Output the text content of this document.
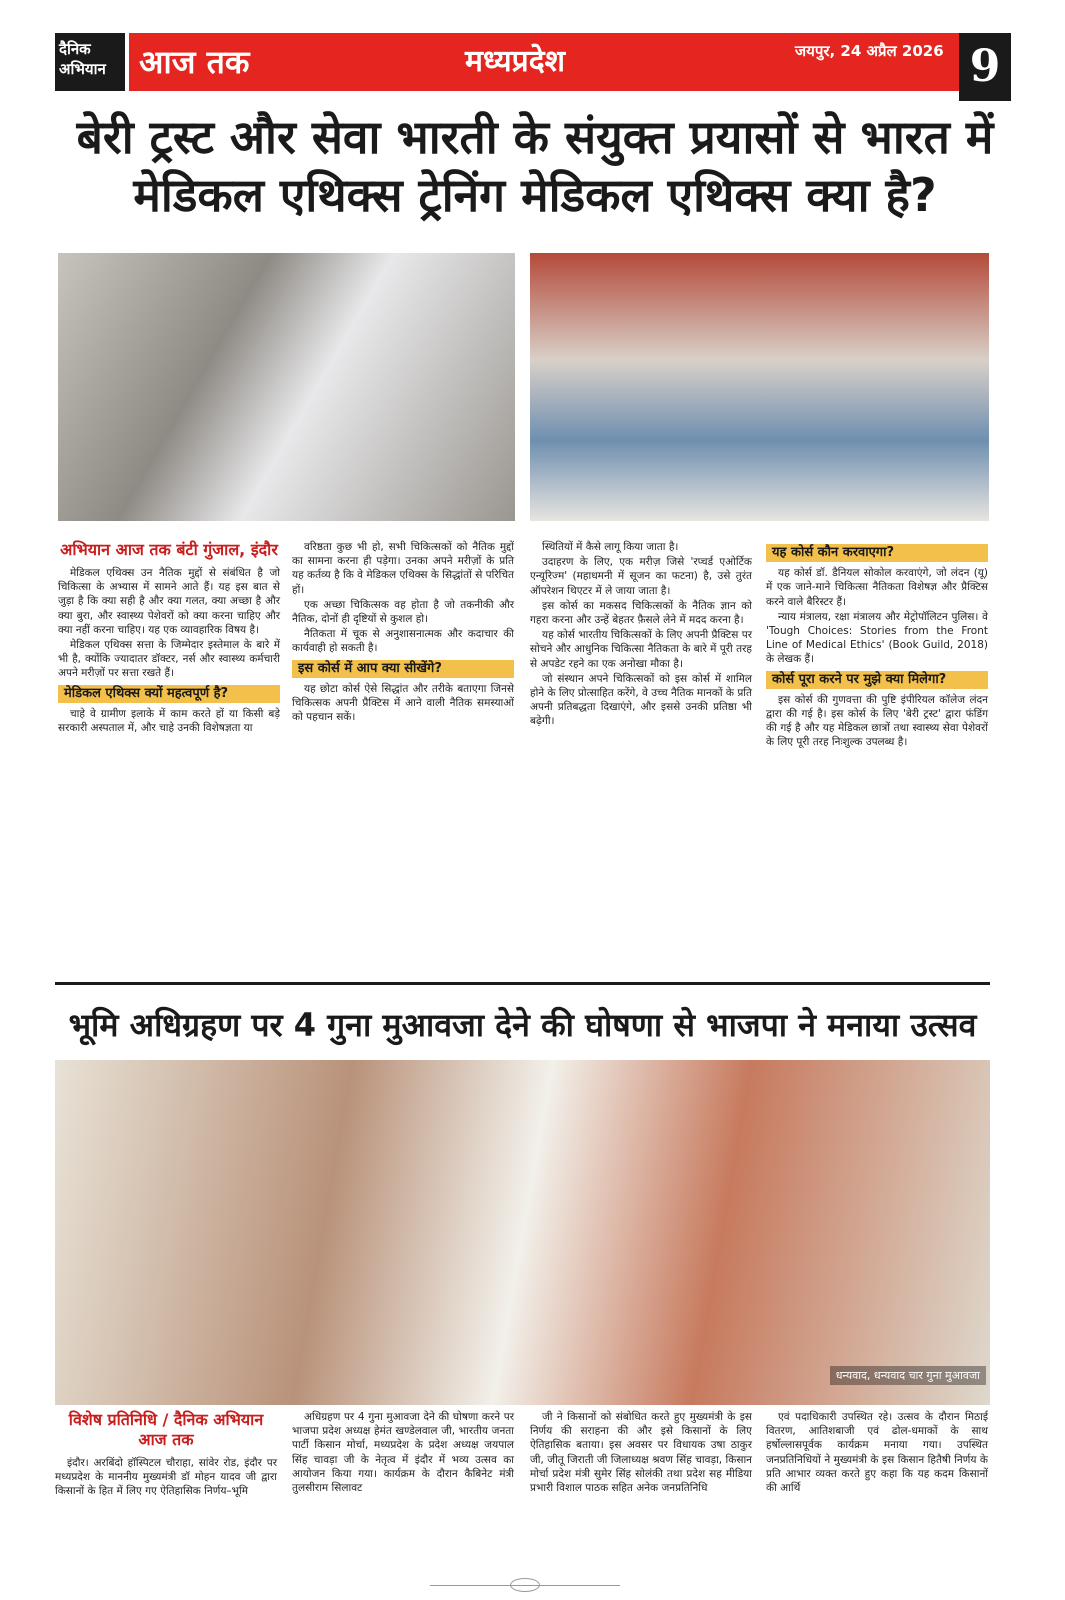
दैनिक
अभियान	आज तक	मध्यप्रदेश	जयपुर, 24 अप्रैल 2026 9
बेरी ट्रस्ट और सेवा भारती के संयुक्त प्रयासों से भारत में मेडिकल एथिक्स ट्रेनिंग मेडिकल एथिक्स क्या है?
अभियान आज तक बंटी गुंजाल, इंदौर

मेडिकल एथिक्स उन नैतिक मुद्दों से संबंधित है जो चिकित्सा के अभ्यास में सामने आते हैं। यह इस बात से जुड़ा है कि क्या सही है और क्या गलत, क्या अच्छा है और क्या बुरा, और स्वास्थ्य पेशेवरों को क्या करना चाहिए और क्या नहीं करना चाहिए। यह एक व्यावहारिक विषय है।

मेडिकल एथिक्स सत्ता के जिम्मेदार इस्तेमाल के बारे में भी है, क्योंकि ज्यादातर डॉक्टर, नर्स और स्वास्थ्य कर्मचारी अपने मरीज़ों पर सत्ता रखते हैं।

मेडिकल एथिक्स क्यों महत्वपूर्ण है?

चाहे वे ग्रामीण इलाके में काम करते हों या किसी बड़े सरकारी अस्पताल में, और चाहे उनकी विशेषज्ञता या

वरिष्ठता कुछ भी हो, सभी चिकित्सकों को नैतिक मुद्दों का सामना करना ही पड़ेगा। उनका अपने मरीज़ों के प्रति यह कर्तव्य है कि वे मेडिकल एथिक्स के सिद्धांतों से परिचित हों।

एक अच्छा चिकित्सक वह होता है जो तकनीकी और नैतिक, दोनों ही दृष्टियों से कुशल हो।

नैतिकता में चूक से अनुशासनात्मक और कदाचार की कार्यवाही हो सकती है।

इस कोर्स में आप क्या सीखेंगे?

यह छोटा कोर्स ऐसे सिद्धांत और तरीके बताएगा जिनसे चिकित्सक अपनी प्रैक्टिस में आने वाली नैतिक समस्याओं को पहचान सकें।

स्थितियों में कैसे लागू किया जाता है।

उदाहरण के लिए, एक मरीज़ जिसे 'रप्चर्ड एओर्टिक एन्यूरिज्म' (महाधमनी में सूजन का फटना) है, उसे तुरंत ऑपरेशन थिएटर में ले जाया जाता है।

इस कोर्स का मकसद चिकित्सकों के नैतिक ज्ञान को गहरा करना और उन्हें बेहतर फ़ैसले लेने में मदद करना है।

यह कोर्स भारतीय चिकित्सकों के लिए अपनी प्रैक्टिस पर सोचने और आधुनिक चिकित्सा नैतिकता के बारे में पूरी तरह से अपडेट रहने का एक अनोखा मौका है।

जो संस्थान अपने चिकित्सकों को इस कोर्स में शामिल होने के लिए प्रोत्साहित करेंगे, वे उच्च नैतिक मानकों के प्रति अपनी प्रतिबद्धता दिखाएंगे, और इससे उनकी प्रतिष्ठा भी बढ़ेगी।

यह कोर्स कौन करवाएगा?

यह कोर्स डॉ. डैनियल सोकोल करवाएंगे, जो लंदन (यू) में एक जाने-माने चिकित्सा नैतिकता विशेषज्ञ और प्रैक्टिस करने वाले बैरिस्टर हैं।

न्याय मंत्रालय, रक्षा मंत्रालय और मेट्रोपॉलिटन पुलिस। वे 'Tough Choices: Stories from the Front Line of Medical Ethics' (Book Guild, 2018) के लेखक हैं।

कोर्स पूरा करने पर मुझे क्या मिलेगा?

इस कोर्स की गुणवत्ता की पुष्टि इंपीरियल कॉलेज लंदन द्वारा की गई है। इस कोर्स के लिए 'बेरी ट्रस्ट' द्वारा फंडिंग की गई है और यह मेडिकल छात्रों तथा स्वास्थ्य सेवा पेशेवरों के लिए पूरी तरह निःशुल्क उपलब्ध है।

भूमि अधिग्रहण पर 4 गुना मुआवजा देने की घोषणा से भाजपा ने मनाया उत्सव
धन्यवाद, धन्यवाद चार गुना मुआवजा
विशेष प्रतिनिधि / दैनिक अभियान आज तक

इंदौर। अरबिंदो हॉस्पिटल चौराहा, सांवेर रोड, इंदौर पर मध्यप्रदेश के माननीय मुख्यमंत्री डॉ मोहन यादव जी द्वारा किसानों के हित में लिए गए ऐतिहासिक निर्णय–भूमि

अधिग्रहण पर 4 गुना मुआवजा देने की घोषणा करने पर भाजपा प्रदेश अध्यक्ष हेमंत खण्डेलवाल जी, भारतीय जनता पार्टी किसान मोर्चा, मध्यप्रदेश के प्रदेश अध्यक्ष जयपाल सिंह चावड़ा जी के नेतृत्व में इंदौर में भव्य उत्सव का आयोजन किया गया। कार्यक्रम के दौरान कैबिनेट मंत्री तुलसीराम सिलावट

जी ने किसानों को संबोधित करते हुए मुख्यमंत्री के इस निर्णय की सराहना की और इसे किसानों के लिए ऐतिहासिक बताया। इस अवसर पर विधायक उषा ठाकुर जी, जीतू जिराती जी जिलाध्यक्ष श्रवण सिंह चावड़ा, किसान मोर्चा प्रदेश मंत्री सुमेर सिंह सोलंकी तथा प्रदेश सह मीडिया प्रभारी विशाल पाठक सहित अनेक जनप्रतिनिधि

एवं पदाधिकारी उपस्थित रहे। उत्सव के दौरान मिठाई वितरण, आतिशबाजी एवं ढोल-धमाकों के साथ हर्षोल्लासपूर्वक कार्यक्रम मनाया गया। उपस्थित जनप्रतिनिधियों ने मुख्यमंत्री के इस किसान हितैषी निर्णय के प्रति आभार व्यक्त करते हुए कहा कि यह कदम किसानों की आर्थि
